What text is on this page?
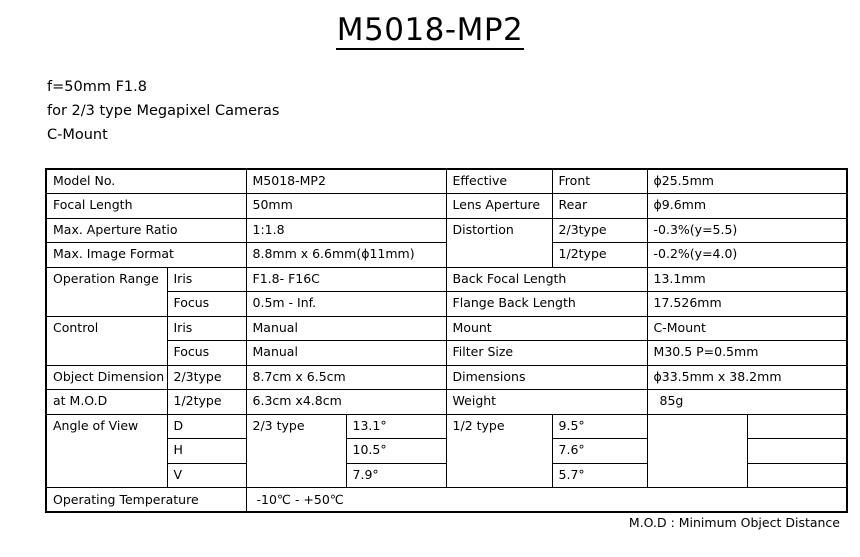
M5018-MP2
f=50mm F1.8
for 2/3 type Megapixel Cameras
C-Mount
Model No.		M5018-MP2		Effective	Front	ϕ25.5mm	
Focal Length		50mm		Lens Aperture	Rear	ϕ9.6mm	
Max. Aperture Ratio		1:1.8		Distortion	2/3type	-0.3%(y=5.5)	
Max. Image Format		8.8mm x 6.6mm(ϕ11mm)			1/2type	-0.2%(y=4.0)	
Operation Range	Iris	F1.8- F16C		Back Focal Length		13.1mm	
	Focus	0.5m - Inf.		Flange Back Length		17.526mm	
Control	Iris	Manual		Mount		C-Mount	
	Focus	Manual		Filter Size		M30.5 P=0.5mm	
Object Dimension	2/3type	8.7cm x 6.5cm		Dimensions		ϕ33.5mm x 38.2mm	
at M.O.D	1/2type	6.3cm x4.8cm		Weight		85g	
Angle of View	D	2/3 type	13.1°	1/2 type	9.5°		
	H		10.5°		7.6°		
	V		7.9°		5.7°		
Operating Temperature		-10℃ - +50℃					
M.O.D : Minimum Object Distance
